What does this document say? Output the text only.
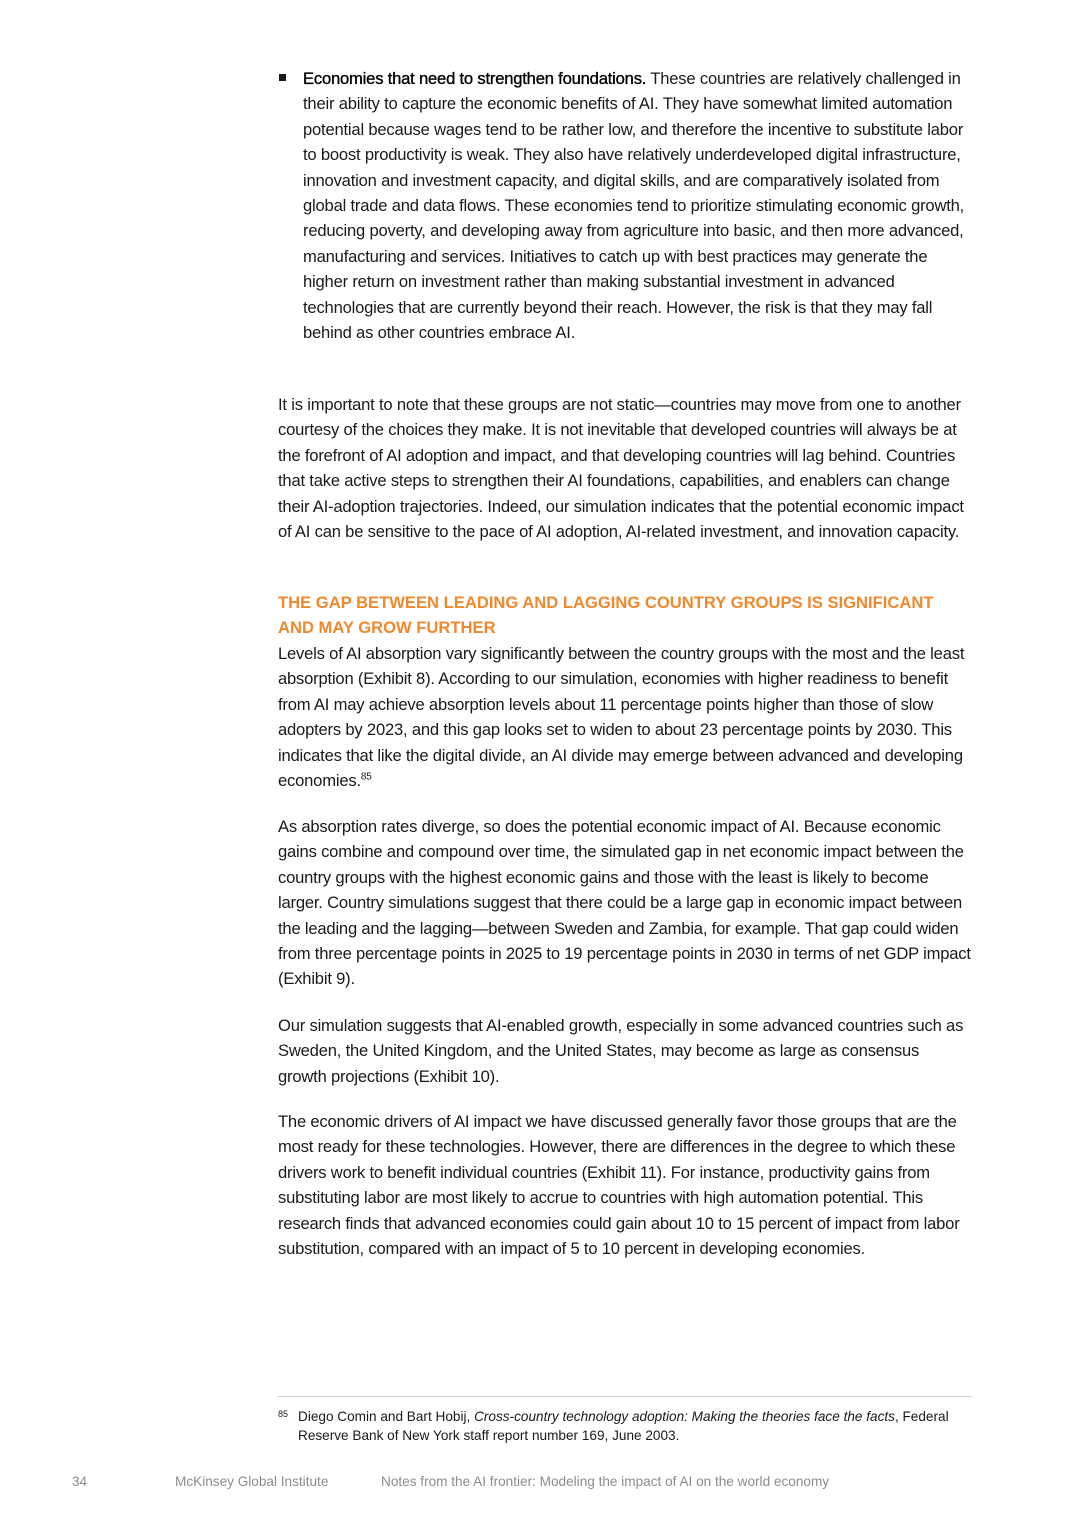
Economies that need to strengthen foundations. These countries are relatively challenged in their ability to capture the economic benefits of AI. They have somewhat limited automation potential because wages tend to be rather low, and therefore the incentive to substitute labor to boost productivity is weak. They also have relatively underdeveloped digital infrastructure, innovation and investment capacity, and digital skills, and are comparatively isolated from global trade and data flows. These economies tend to prioritize stimulating economic growth, reducing poverty, and developing away from agriculture into basic, and then more advanced, manufacturing and services. Initiatives to catch up with best practices may generate the higher return on investment rather than making substantial investment in advanced technologies that are currently beyond their reach. However, the risk is that they may fall behind as other countries embrace AI.

It is important to note that these groups are not static—countries may move from one to another courtesy of the choices they make. It is not inevitable that developed countries will always be at the forefront of AI adoption and impact, and that developing countries will lag behind. Countries that take active steps to strengthen their AI foundations, capabilities, and enablers can change their AI-adoption trajectories. Indeed, our simulation indicates that the potential economic impact of AI can be sensitive to the pace of AI adoption, AI-related investment, and innovation capacity.

THE GAP BETWEEN LEADING AND LAGGING COUNTRY GROUPS IS SIGNIFICANT AND MAY GROW FURTHER

Levels of AI absorption vary significantly between the country groups with the most and the least absorption (Exhibit 8). According to our simulation, economies with higher readiness to benefit from AI may achieve absorption levels about 11 percentage points higher than those of slow adopters by 2023, and this gap looks set to widen to about 23 percentage points by 2030. This indicates that like the digital divide, an AI divide may emerge between advanced and developing economies.$^{85}$

As absorption rates diverge, so does the potential economic impact of AI. Because economic gains combine and compound over time, the simulated gap in net economic impact between the country groups with the highest economic gains and those with the least is likely to become larger. Country simulations suggest that there could be a large gap in economic impact between the leading and the lagging—between Sweden and Zambia, for example. That gap could widen from three percentage points in 2025 to 19 percentage points in 2030 in terms of net GDP impact (Exhibit 9).

Our simulation suggests that AI-enabled growth, especially in some advanced countries such as Sweden, the United Kingdom, and the United States, may become as large as consensus growth projections (Exhibit 10).

The economic drivers of AI impact we have discussed generally favor those groups that are the most ready for these technologies. However, there are differences in the degree to which these drivers work to benefit individual countries (Exhibit 11). For instance, productivity gains from substituting labor are most likely to accrue to countries with high automation potential. This research finds that advanced economies could gain about 10 to 15 percent of impact from labor substitution, compared with an impact of 5 to 10 percent in developing economies.

85 Diego Comin and Bart Hobij, Cross-country technology adoption: Making the theories face the facts, Federal Reserve Bank of New York staff report number 169, June 2003.
34	McKinsey Global Institute	Notes from the AI frontier: Modeling the impact of AI on the world economy
